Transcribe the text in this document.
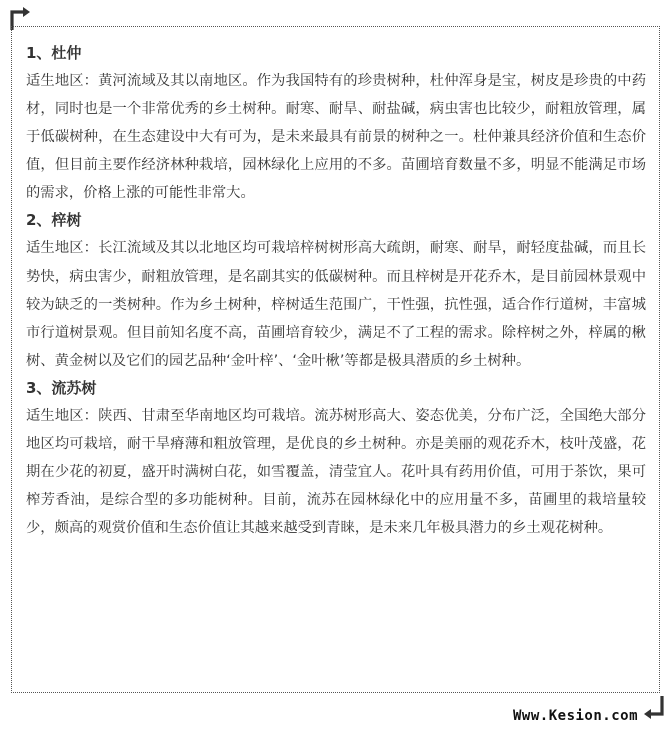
1、杜仲

适生地区：黄河流域及其以南地区。作为我国特有的珍贵树种，杜仲浑身是宝，树皮是珍贵的中药材，同时也是一个非常优秀的乡土树种。耐寒、耐旱、耐盐碱，病虫害也比较少，耐粗放管理，属于低碳树种，在生态建设中大有可为，是未来最具有前景的树种之一。杜仲兼具经济价值和生态价值，但目前主要作经济林种栽培，园林绿化上应用的不多。苗圃培育数量不多，明显不能满足市场的需求，价格上涨的可能性非常大。

2、梓树

适生地区：长江流域及其以北地区均可栽培梓树树形高大疏朗，耐寒、耐旱，耐轻度盐碱，而且长势快，病虫害少，耐粗放管理，是名副其实的低碳树种。而且梓树是开花乔木，是目前园林景观中较为缺乏的一类树种。作为乡土树种，梓树适生范围广，干性强，抗性强，适合作行道树，丰富城市行道树景观。但目前知名度不高，苗圃培育较少，满足不了工程的需求。除梓树之外，梓属的楸树、黄金树以及它们的园艺品种‘金叶梓’、‘金叶楸’等都是极具潜质的乡土树种。

3、流苏树

适生地区：陕西、甘肃至华南地区均可栽培。流苏树形高大、姿态优美，分布广泛，全国绝大部分地区均可栽培，耐干旱瘠薄和粗放管理，是优良的乡土树种。亦是美丽的观花乔木，枝叶茂盛，花期在少花的初夏，盛开时满树白花，如雪覆盖，清莹宜人。花叶具有药用价值，可用于茶饮，果可榨芳香油，是综合型的多功能树种。目前，流苏在园林绿化中的应用量不多，苗圃里的栽培量较少，颇高的观赏价值和生态价值让其越来越受到青睐，是未来几年极具潜力的乡土观花树种。

Www.Kesion.com
